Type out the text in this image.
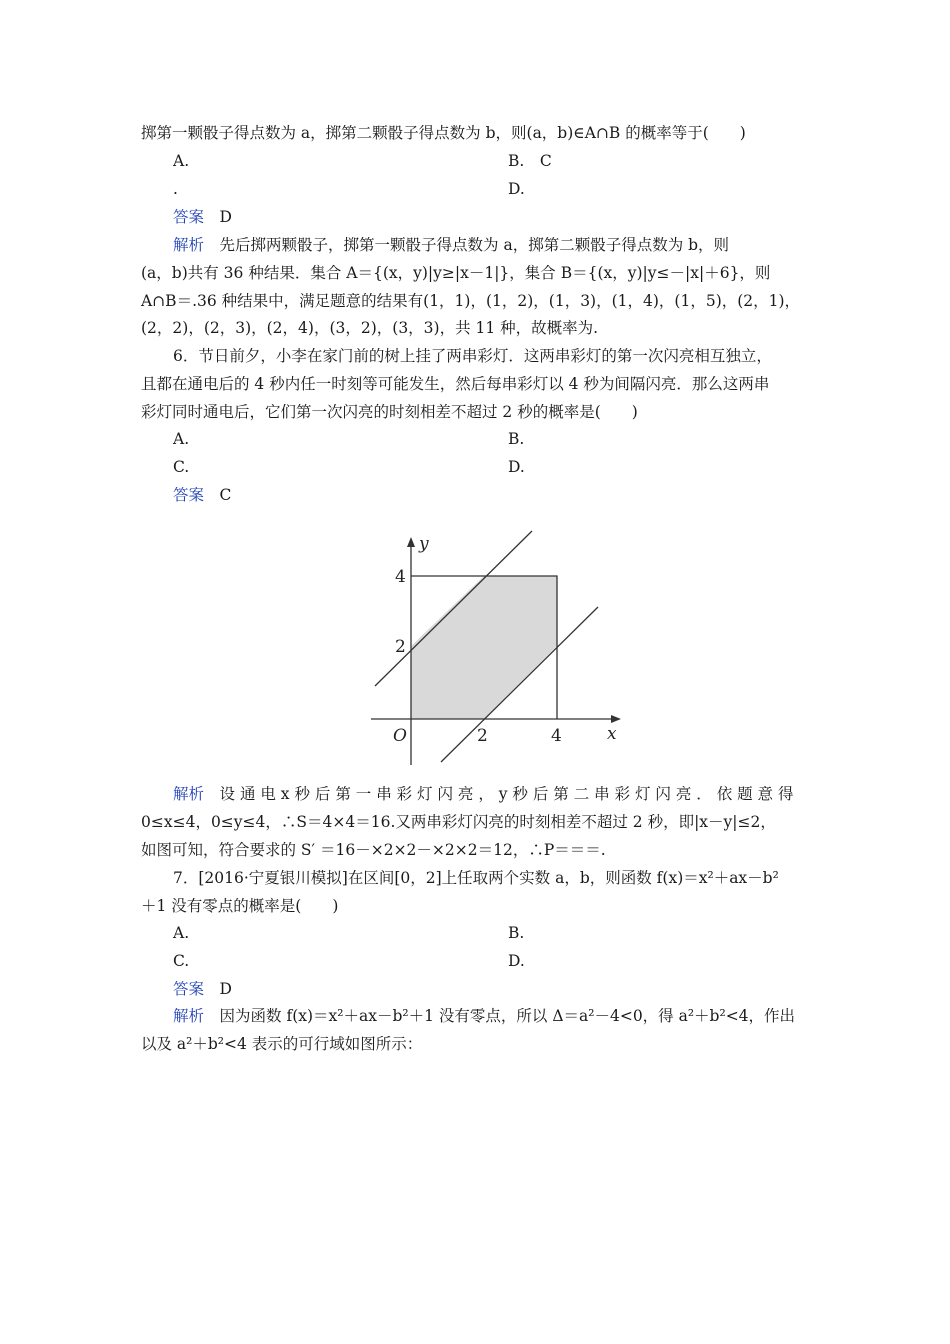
掷第一颗骰子得点数为 a，掷第二颗骰子得点数为 b，则(a，b)∈A∩B 的概率等于(　　)
A.	B.　C
.	D.
答案　 D
解析　 先后掷两颗骰子，掷第一颗骰子得点数为 a，掷第二颗骰子得点数为 b，则
(a，b)共有 36 种结果．集合 A＝{(x，y)|y≥|x－1|}，集合 B＝{(x，y)|y≤－|x|＋6}，则
A∩B＝.36 种结果中，满足题意的结果有(1，1)，(1，2)，(1，3)，(1，4)，(1，5)，(2，1)，
(2，2)，(2，3)，(2，4)，(3，2)，(3，3)，共 11 种，故概率为.
6．节日前夕，小李在家门前的树上挂了两串彩灯．这两串彩灯的第一次闪亮相互独立，
且都在通电后的 4 秒内任一时刻等可能发生，然后每串彩灯以 4 秒为间隔闪亮．那么这两串
彩灯同时通电后，它们第一次闪亮的时刻相差不超过 2 秒的概率是(　　)
A.	B.
C.	D.
答案　 C
y
x
O
4
2
2	4
解析　 设 通 电 x 秒 后 第 一 串 彩 灯 闪 亮 ， y 秒 后 第 二 串 彩 灯 闪 亮 ． 依 题 意 得
0≤x≤4，0≤y≤4，∴S＝4×4＝16.又两串彩灯闪亮的时刻相差不超过 2 秒，即|x－y|≤2，
如图可知，符合要求的 S′ ＝16－×2×2－×2×2＝12，∴P＝＝＝.
7．[2016·宁夏银川模拟]在区间[0，2]上任取两个实数 a，b，则函数 f(x)＝x²＋ax－b²
＋1 没有零点的概率是(　　)
A.	B.
C.	D.
答案　 D
解析　 因为函数 f(x)＝x²＋ax－b²＋1 没有零点，所以 Δ＝a²－4<0，得 a²＋b²<4，作出
以及 a²＋b²<4 表示的可行域如图所示：
